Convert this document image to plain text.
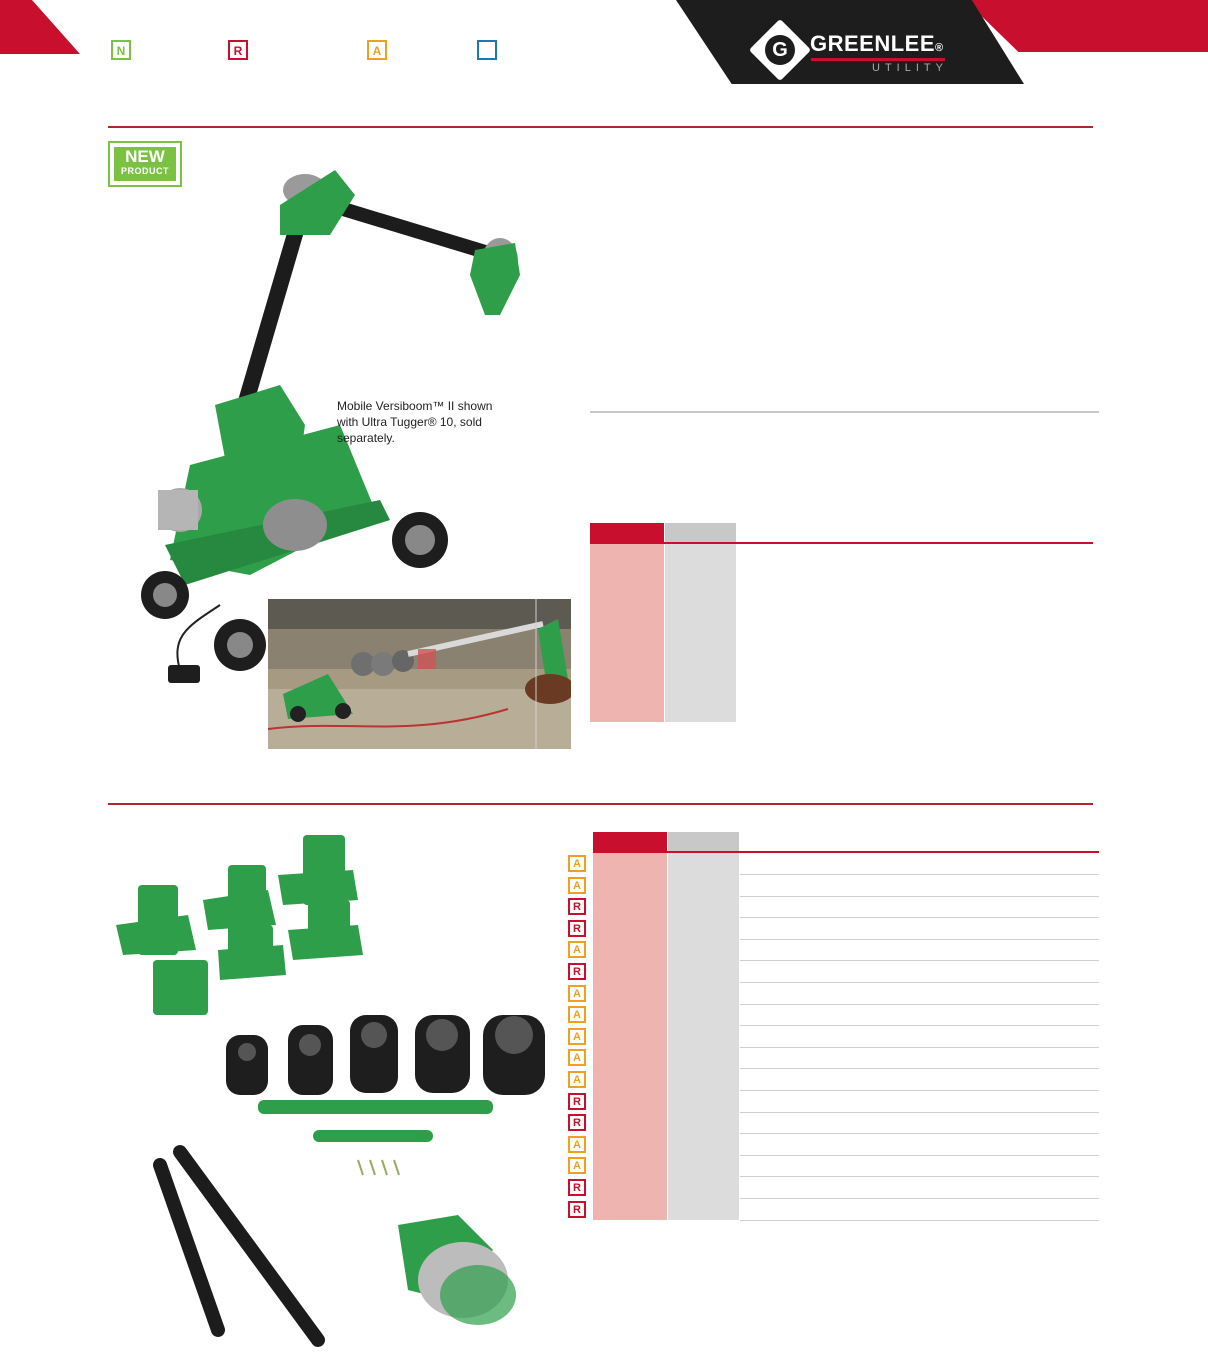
G	GREENLEE®
UTILITY
N	R	A
NEW
PRODUCT
Mobile Versiboom™ II shown
with Ultra Tugger® 10, sold
separately.
A
A
R
R
A
R
A
A
A
A
A
R
R
A
A
R
R
